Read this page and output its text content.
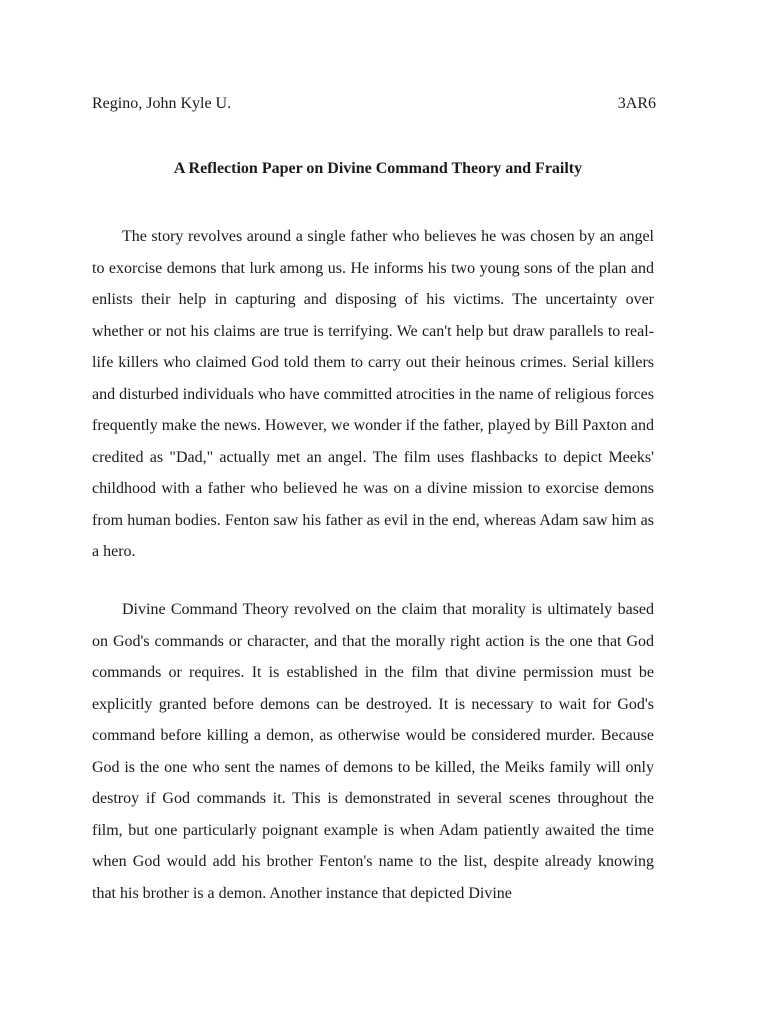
Regino, John Kyle U.	3AR6
A Reflection Paper on Divine Command Theory and Frailty

The story revolves around a single father who believes he was chosen by an angel to exorcise demons that lurk among us. He informs his two young sons of the plan and enlists their help in capturing and disposing of his victims. The uncertainty over whether or not his claims are true is terrifying. We can't help but draw parallels to real-life killers who claimed God told them to carry out their heinous crimes. Serial killers and disturbed individuals who have committed atrocities in the name of religious forces frequently make the news. However, we wonder if the father, played by Bill Paxton and credited as "Dad," actually met an angel. The film uses flashbacks to depict Meeks' childhood with a father who believed he was on a divine mission to exorcise demons from human bodies. Fenton saw his father as evil in the end, whereas Adam saw him as a hero.

Divine Command Theory revolved on the claim that morality is ultimately based on God's commands or character, and that the morally right action is the one that God commands or requires. It is established in the film that divine permission must be explicitly granted before demons can be destroyed. It is necessary to wait for God's command before killing a demon, as otherwise would be considered murder. Because God is the one who sent the names of demons to be killed, the Meiks family will only destroy if God commands it. This is demonstrated in several scenes throughout the film, but one particularly poignant example is when Adam patiently awaited the time when God would add his brother Fenton's name to the list, despite already knowing that his brother is a demon. Another instance that depicted Divine
